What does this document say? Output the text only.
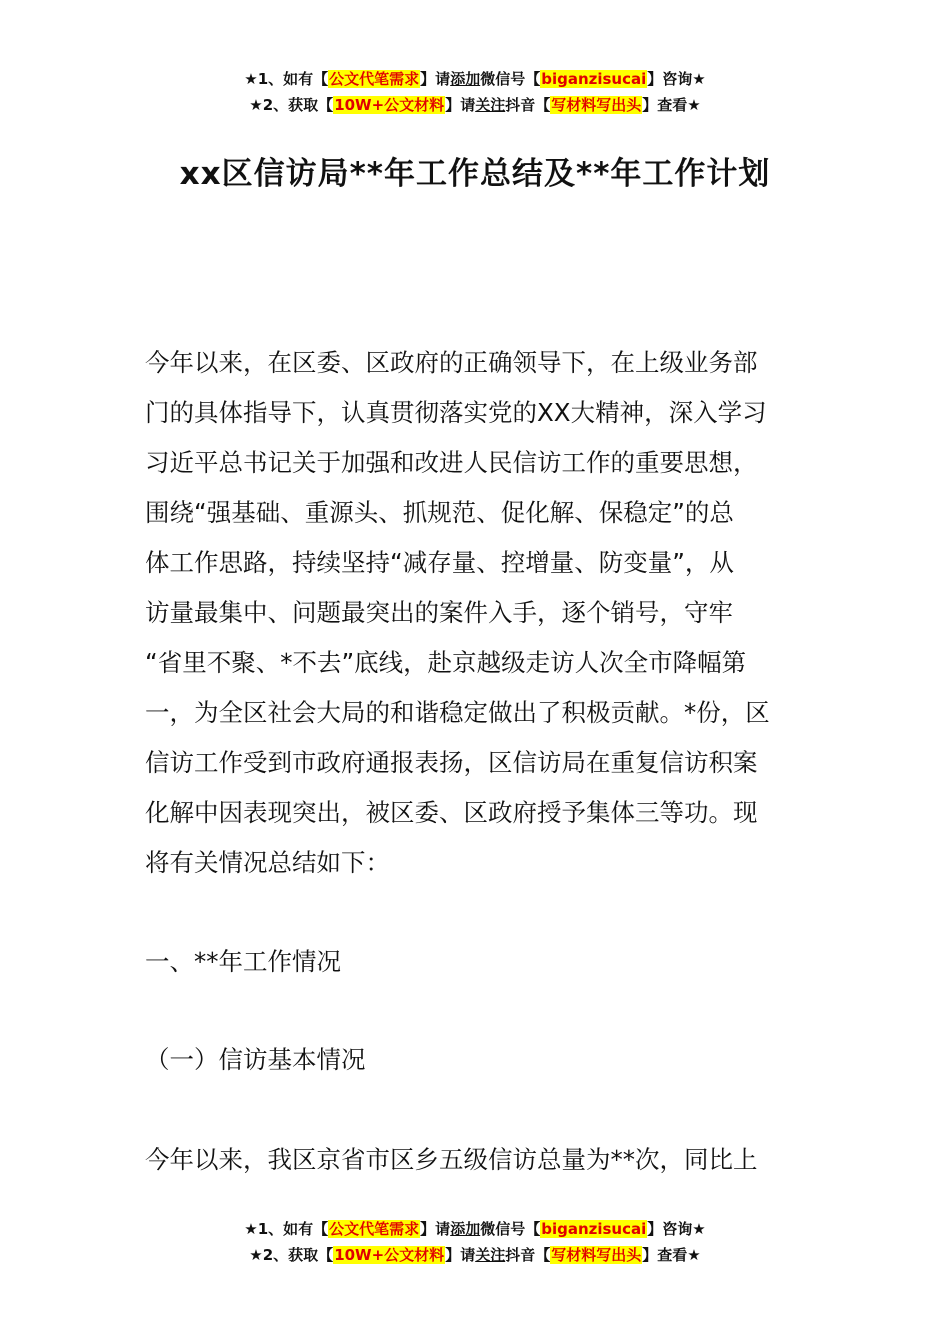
★1、如有【公文代笔需求】请添加微信号【biganzisucai】咨询★
★2、获取【10W+公文材料】请关注抖音【写材料写出头】查看★
xx区信访局**年工作总结及**年工作计划
今年以来，在区委、区政府的正确领导下，在上级业务部
门的具体指导下，认真贯彻落实党的XX大精神，深入学习
习近平总书记关于加强和改进人民信访工作的重要思想，
围绕“强基础、重源头、抓规范、促化解、保稳定”的总
体工作思路，持续坚持“减存量、控增量、防变量”，从
访量最集中、问题最突出的案件入手，逐个销号，守牢
“省里不聚、*不去”底线，赴京越级走访人次全市降幅第
一，为全区社会大局的和谐稳定做出了积极贡献。*份，区
信访工作受到市政府通报表扬，区信访局在重复信访积案
化解中因表现突出，被区委、区政府授予集体三等功。现
将有关情况总结如下：
一、**年工作情况
（一）信访基本情况
今年以来，我区京省市区乡五级信访总量为**次，同比上
★1、如有【公文代笔需求】请添加微信号【biganzisucai】咨询★
★2、获取【10W+公文材料】请关注抖音【写材料写出头】查看★
